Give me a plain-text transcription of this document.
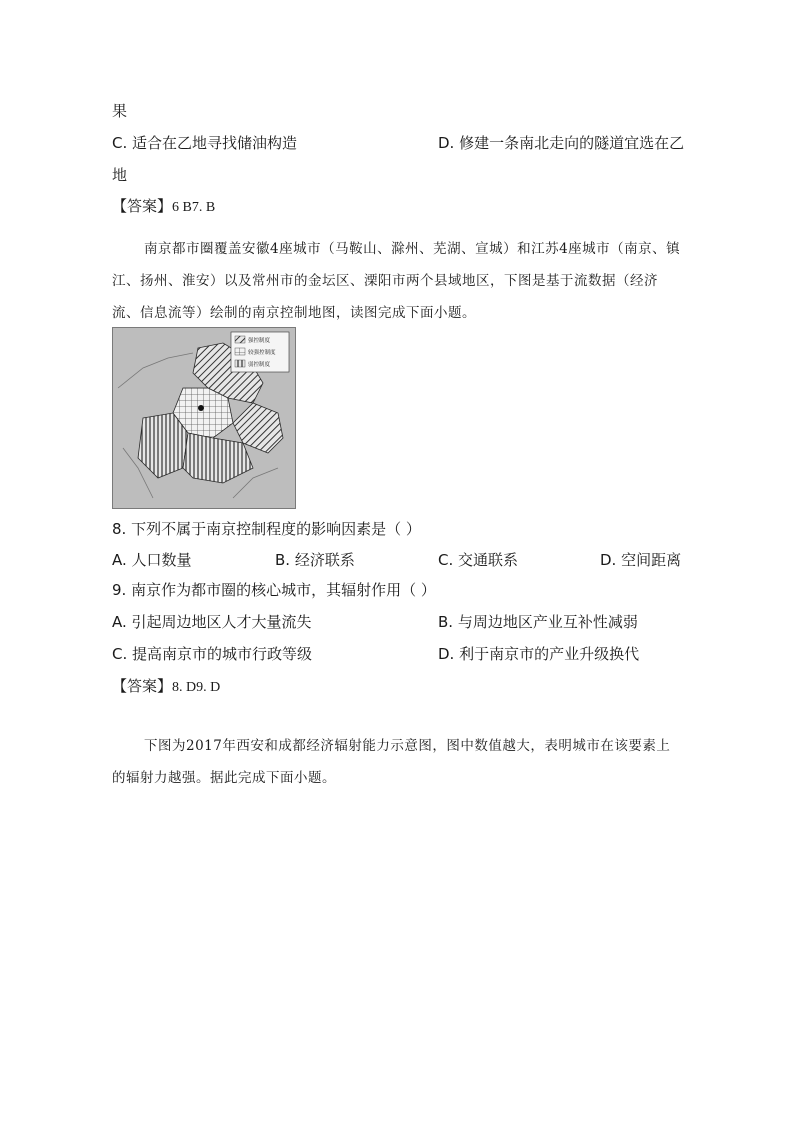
果
C. 适合在乙地寻找储油构造	D. 修建一条南北走向的隧道宜选在乙
地
【答案】6 B7. B
南京都市圈覆盖安徽4座城市（马鞍山、滁州、芜湖、宣城）和江苏4座城市（南京、镇江、扬州、淮安）以及常州市的金坛区、溧阳市两个县域地区，下图是基于流数据（经济流、信息流等）绘制的南京控制地图，读图完成下面小题。
强控制度
较强控制度
弱控制度
8. 下列不属于南京控制程度的影响因素是（ ）
A. 人口数量	B. 经济联系	C. 交通联系	D. 空间距离
9. 南京作为都市圈的核心城市，其辐射作用（ ）
A. 引起周边地区人才大量流失	B. 与周边地区产业互补性减弱
C. 提高南京市的城市行政等级	D. 利于南京市的产业升级换代
【答案】8. D9. D
下图为2017年西安和成都经济辐射能力示意图，图中数值越大，表明城市在该要素上的辐射力越强。据此完成下面小题。
